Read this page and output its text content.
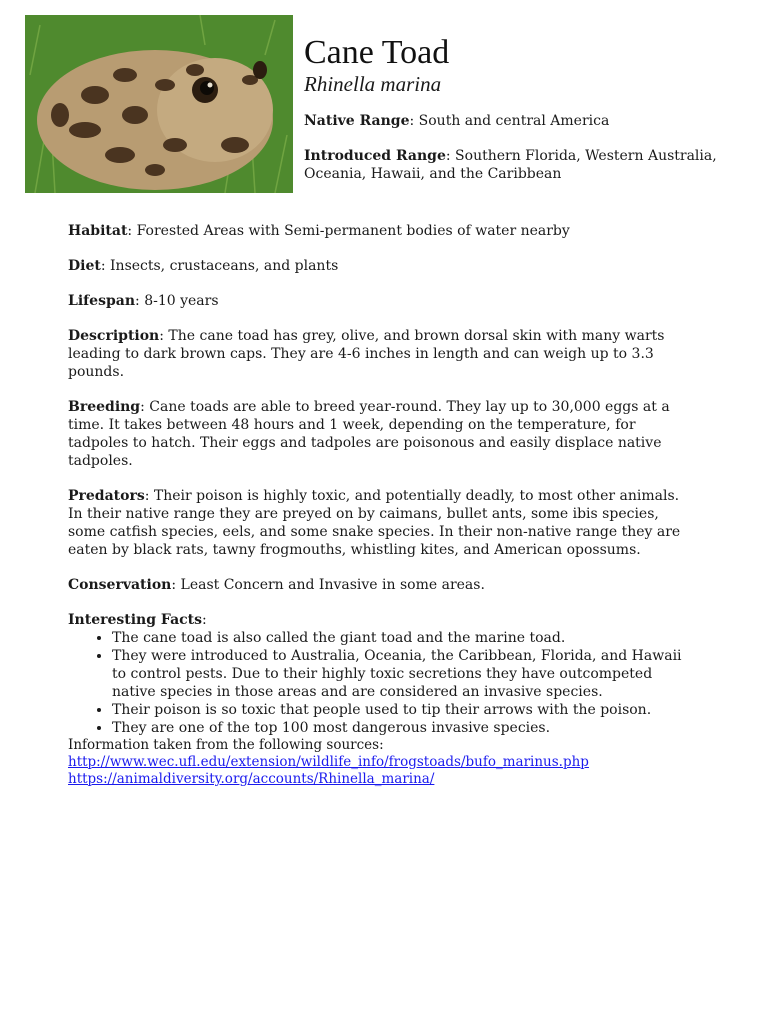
Cane Toad

Rhinella marina

Native Range: South and central America

Introduced Range: Southern Florida, Western Australia, Oceania, Hawaii, and the Caribbean

Habitat: Forested Areas with Semi-permanent bodies of water nearby

Diet: Insects, crustaceans, and plants

Lifespan: 8-10 years

Description: The cane toad has grey, olive, and brown dorsal skin with many warts leading to dark brown caps. They are 4-6 inches in length and can weigh up to 3.3 pounds.

Breeding: Cane toads are able to breed year-round. They lay up to 30,000 eggs at a time. It takes between 48 hours and 1 week, depending on the temperature, for tadpoles to hatch. Their eggs and tadpoles are poisonous and easily displace native tadpoles.

Predators: Their poison is highly toxic, and potentially deadly, to most other animals. In their native range they are preyed on by caimans, bullet ants, some ibis species, some catfish species, eels, and some snake species. In their non-native range they are eaten by black rats, tawny frogmouths, whistling kites, and American opossums.

Conservation: Least Concern and Invasive in some areas.

Interesting Facts:

• The cane toad is also called the giant toad and the marine toad.
• They were introduced to Australia, Oceania, the Caribbean, Florida, and Hawaii to control pests. Due to their highly toxic secretions they have outcompeted native species in those areas and are considered an invasive species.
• Their poison is so toxic that people used to tip their arrows with the poison.
• They are one of the top 100 most dangerous invasive species.
Information taken from the following sources:
http://www.wec.ufl.edu/extension/wildlife_info/frogstoads/bufo_marinus.php
https://animaldiversity.org/accounts/Rhinella_marina/
